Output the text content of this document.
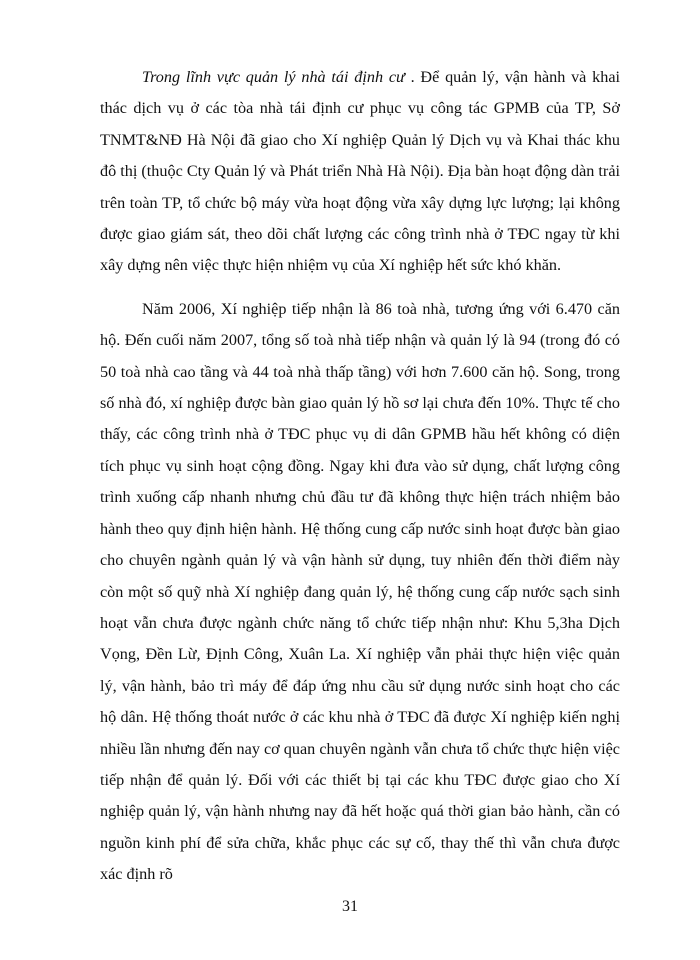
Trong lĩnh vực quản lý nhà tái định cư . Để quản lý, vận hành và khai thác dịch vụ ở các tòa nhà tái định cư phục vụ công tác GPMB của TP, Sở TNMT&NĐ Hà Nội đã giao cho Xí nghiệp Quản lý Dịch vụ và Khai thác khu đô thị (thuộc Cty Quản lý và Phát triển Nhà Hà Nội). Địa bàn hoạt động dàn trải trên toàn TP, tổ chức bộ máy vừa hoạt động vừa xây dựng lực lượng; lại không được giao giám sát, theo dõi chất lượng các công trình nhà ở TĐC ngay từ khi xây dựng nên việc thực hiện nhiệm vụ của Xí nghiệp hết sức khó khăn.

Năm 2006, Xí nghiệp tiếp nhận là 86 toà nhà, tương ứng với 6.470 căn hộ. Đến cuối năm 2007, tổng số toà nhà tiếp nhận và quản lý là 94 (trong đó có 50 toà nhà cao tầng và 44 toà nhà thấp tầng) với hơn 7.600 căn hộ. Song, trong số nhà đó, xí nghiệp được bàn giao quản lý hồ sơ lại chưa đến 10%. Thực tế cho thấy, các công trình nhà ở TĐC phục vụ di dân GPMB hầu hết không có diện tích phục vụ sinh hoạt cộng đồng. Ngay khi đưa vào sử dụng, chất lượng công trình xuống cấp nhanh nhưng chủ đầu tư đã không thực hiện trách nhiệm bảo hành theo quy định hiện hành. Hệ thống cung cấp nước sinh hoạt được bàn giao cho chuyên ngành quản lý và vận hành sử dụng, tuy nhiên đến thời điểm này còn một số quỹ nhà Xí nghiệp đang quản lý, hệ thống cung cấp nước sạch sinh hoạt vẫn chưa được ngành chức năng tổ chức tiếp nhận như: Khu 5,3ha Dịch Vọng, Đền Lừ, Định Công, Xuân La. Xí nghiệp vẫn phải thực hiện việc quản lý, vận hành, bảo trì máy để đáp ứng nhu cầu sử dụng nước sinh hoạt cho các hộ dân. Hệ thống thoát nước ở các khu nhà ở TĐC đã được Xí nghiệp kiến nghị nhiều lần nhưng đến nay cơ quan chuyên ngành vẫn chưa tổ chức thực hiện việc tiếp nhận để quản lý. Đối với các thiết bị tại các khu TĐC được giao cho Xí nghiệp quản lý, vận hành nhưng nay đã hết hoặc quá thời gian bảo hành, cần có nguồn kinh phí để sửa chữa, khắc phục các sự cố, thay thế thì vẫn chưa được xác định rõ

31
